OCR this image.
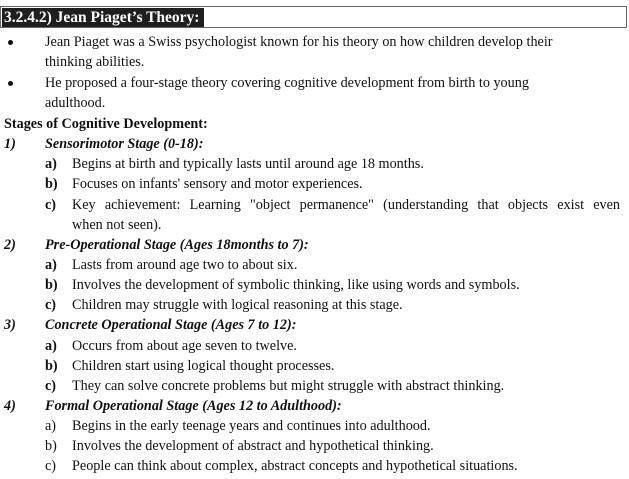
3.2.4.2) Jean Piaget’s Theory:
Jean Piaget was a Swiss psychologist known for his theory on how children develop their
thinking abilities.
He proposed a four-stage theory covering cognitive development from birth to young
adulthood.
Stages of Cognitive Development:
1) Sensorimotor Stage (0-18):
a) Begins at birth and typically lasts until around age 18 months.
b) Focuses on infants' sensory and motor experiences.
c) Key achievement: Learning "object permanence" (understanding that objects exist even
when not seen).
2) Pre-Operational Stage (Ages 18months to 7):
a) Lasts from around age two to about six.
b) Involves the development of symbolic thinking, like using words and symbols.
c) Children may struggle with logical reasoning at this stage.
3) Concrete Operational Stage (Ages 7 to 12):
a) Occurs from about age seven to twelve.
b) Children start using logical thought processes.
c) They can solve concrete problems but might struggle with abstract thinking.
4) Formal Operational Stage (Ages 12 to Adulthood):
a) Begins in the early teenage years and continues into adulthood.
b) Involves the development of abstract and hypothetical thinking.
c) People can think about complex, abstract concepts and hypothetical situations.
